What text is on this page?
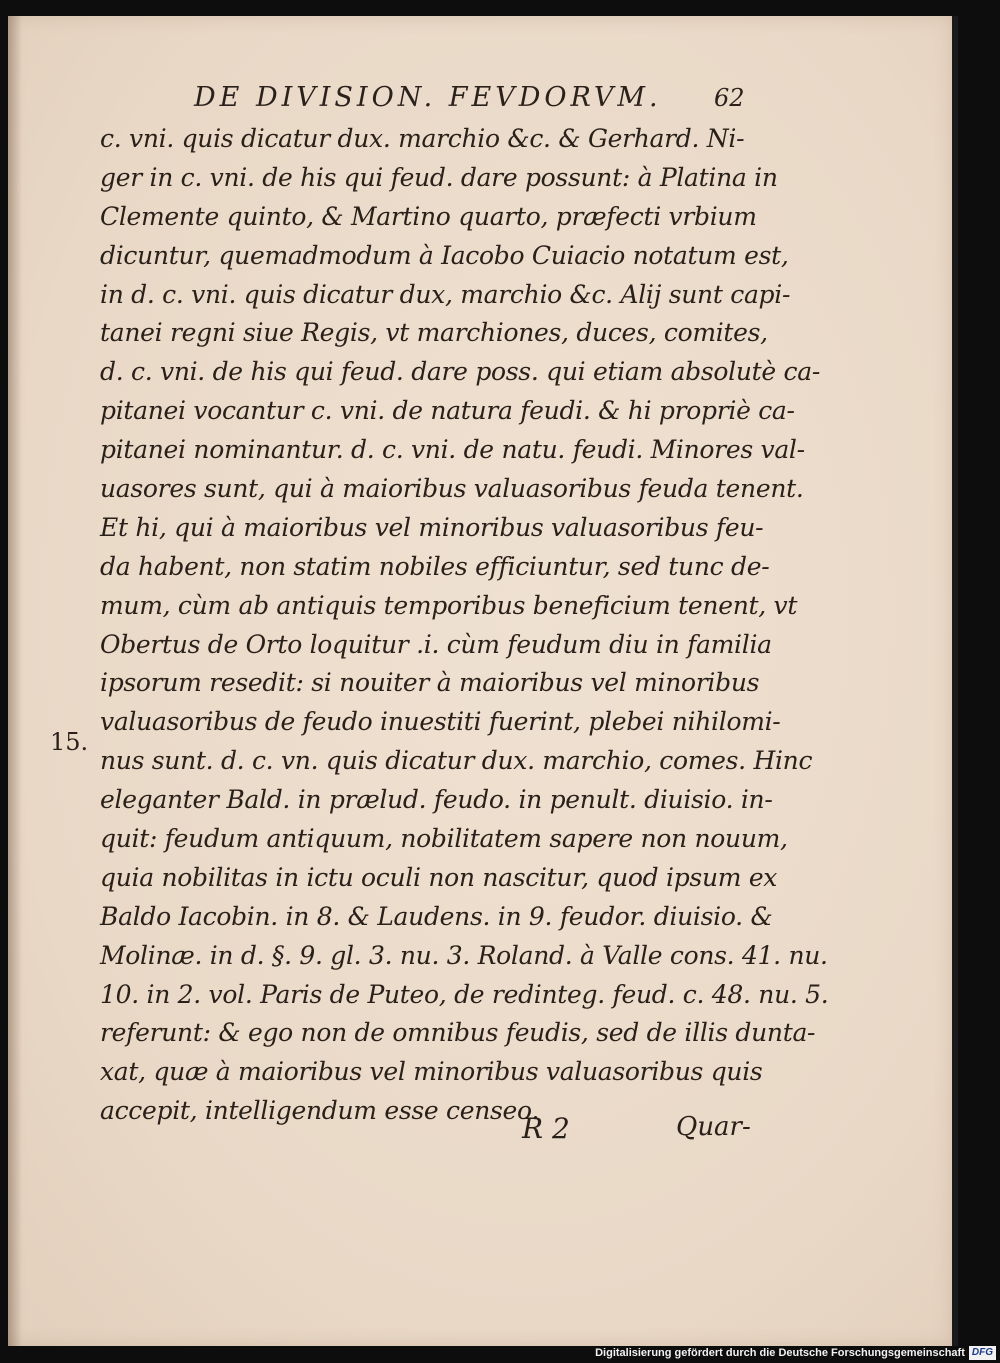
DE DIVISION. FEVDORVM. 62
c. vni. quis dicatur dux. marchio &c. & Gerhard. Ni-
ger in c. vni. de his qui feud. dare possunt: à Platina in
Clemente quinto, & Martino quarto, præfecti vrbium
dicuntur, quemadmodum à Iacobo Cuiacio notatum est,
in d. c. vni. quis dicatur dux, marchio &c. Alij sunt capi-
tanei regni siue Regis, vt marchiones, duces, comites,
d. c. vni. de his qui feud. dare poss. qui etiam absolutè ca-
pitanei vocantur c. vni. de natura feudi. & hi propriè ca-
pitanei nominantur. d. c. vni. de natu. feudi. Minores val-
uasores sunt, qui à maioribus valuasoribus feuda tenent.
Et hi, qui à maioribus vel minoribus valuasoribus feu-
da habent, non statim nobiles efficiuntur, sed tunc de-
mum, cùm ab antiquis temporibus beneficium tenent, vt
Obertus de Orto loquitur .i. cùm feudum diu in familia
ipsorum resedit: si nouiter à maioribus vel minoribus
valuasoribus de feudo inuestiti fuerint, plebei nihilomi-
nus sunt. d. c. vn. quis dicatur dux. marchio, comes. Hinc
eleganter Bald. in prælud. feudo. in penult. diuisio. in-
quit: feudum antiquum, nobilitatem sapere non nouum,
quia nobilitas in ictu oculi non nascitur, quod ipsum ex
Baldo Iacobin. in 8. & Laudens. in 9. feudor. diuisio. &
Molinæ. in d. §. 9. gl. 3. nu. 3. Roland. à Valle cons. 41. nu.
10. in 2. vol. Paris de Puteo, de redinteg. feud. c. 48. nu. 5.
referunt: & ego non de omnibus feudis, sed de illis dunta-
xat, quæ à maioribus vel minoribus valuasoribus quis
accepit, intelligendum esse censeo.
15.
R 2	Quar-
Digitalisierung gefördert durch die Deutsche Forschungsgemeinschaft DFG
